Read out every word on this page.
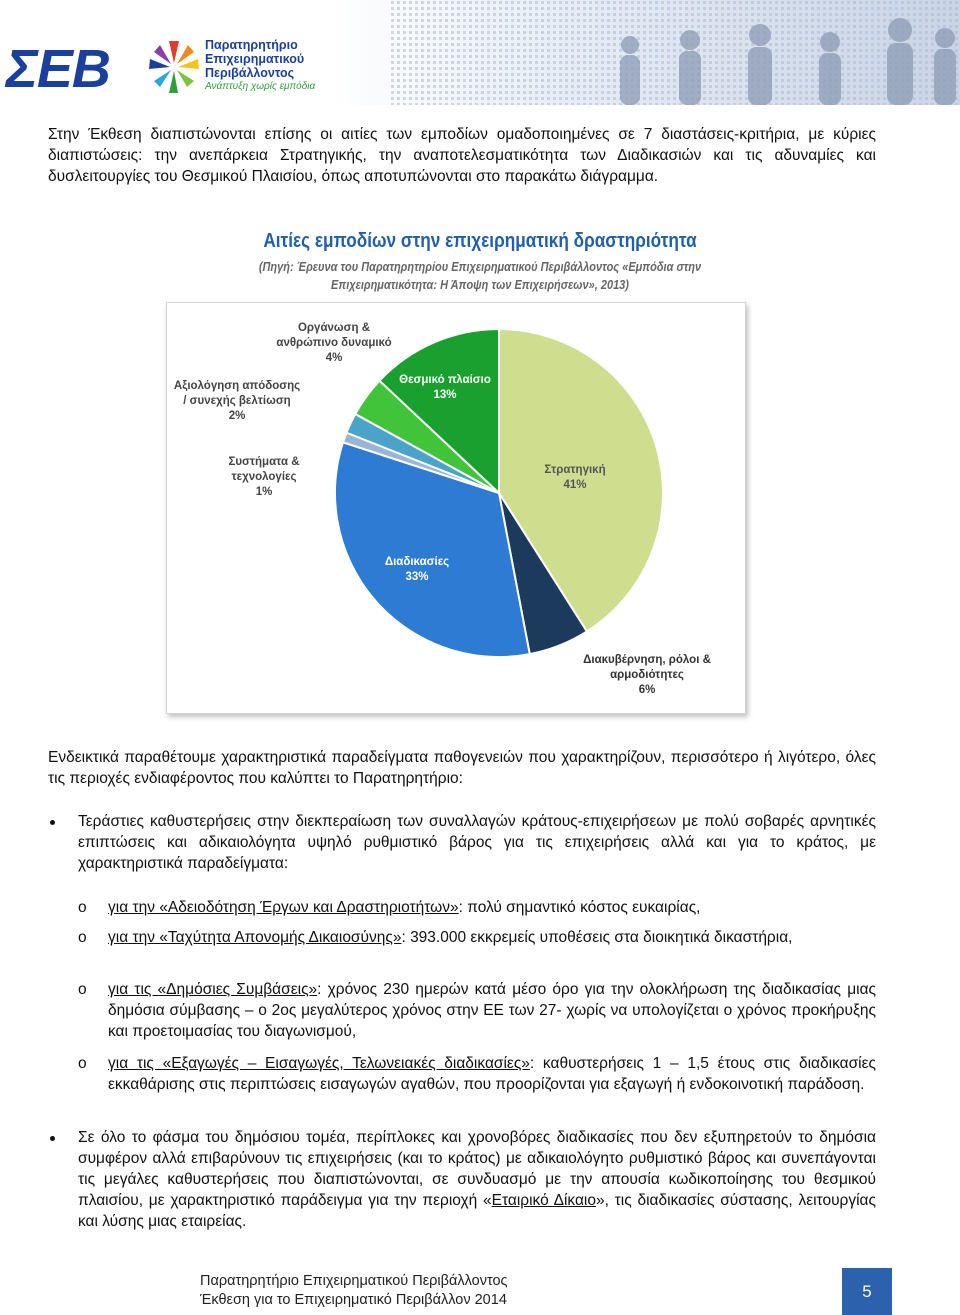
ΣΕΒ	Παρατηρητήριο
Επιχειρηματικού
Περιβάλλοντος
Ανάπτυξη χωρίς εμπόδια
Στην Έκθεση διαπιστώνονται επίσης οι αιτίες των εμποδίων ομαδοποιημένες σε 7 διαστάσεις-κριτήρια, με κύριες διαπιστώσεις: την ανεπάρκεια Στρατηγικής, την αναποτελεσματικότητα των Διαδικασιών και τις αδυναμίες και δυσλειτουργίες του Θεσμικού Πλαισίου, όπως αποτυπώνονται στο παρακάτω διάγραμμα.
Αιτίες εμποδίων στην επιχειρηματική δραστηριότητα
(Πηγή: Έρευνα του Παρατηρητηρίου Επιχειρηματικού Περιβάλλοντος «Εμπόδια στην
Επιχειρηματικότητα: Η Άποψη των Επιχειρήσεων», 2013)
Στρατηγική 41%
Διακυβέρνηση, ρόλοι & αρμοδιότητες 6%
Διαδικασίες 33%
Συστήματα & τεχνολογίες 1%
Αξιολόγηση απόδοσης / συνεχής βελτίωση 2%
Οργάνωση & ανθρώπινο δυναμικό 4%
Θεσμικό πλαίσιο 13%
Ενδεικτικά παραθέτουμε χαρακτηριστικά παραδείγματα παθογενειών που χαρακτηρίζουν, περισσότερο ή λιγότερο, όλες τις περιοχές ενδιαφέροντος που καλύπτει το Παρατηρητήριο:
Τεράστιες καθυστερήσεις στην διεκπεραίωση των συναλλαγών κράτους-επιχειρήσεων με πολύ σοβαρές αρνητικές επιπτώσεις και αδικαιολόγητα υψηλό ρυθμιστικό βάρος για τις επιχειρήσεις αλλά και για το κράτος, με χαρακτηριστικά παραδείγματα:
o για την «Αδειοδότηση Έργων και Δραστηριοτήτων»: πολύ σημαντικό κόστος ευκαιρίας,
o για την «Ταχύτητα Απονομής Δικαιοσύνης»: 393.000 εκκρεμείς υποθέσεις στα διοικητικά δικαστήρια,
o για τις «Δημόσιες Συμβάσεις»: χρόνος 230 ημερών κατά μέσο όρο για την ολοκλήρωση της διαδικασίας μιας δημόσια σύμβασης – ο 2ος μεγαλύτερος χρόνος στην ΕΕ των 27- χωρίς να υπολογίζεται ο χρόνος προκήρυξης και προετοιμασίας του διαγωνισμού,
o για τις «Εξαγωγές – Εισαγωγές, Τελωνειακές διαδικασίες»: καθυστερήσεις 1 – 1,5 έτους στις διαδικασίες εκκαθάρισης στις περιπτώσεις εισαγωγών αγαθών, που προορίζονται για εξαγωγή ή ενδοκοινοτική παράδοση.
Σε όλο το φάσμα του δημόσιου τομέα, περίπλοκες και χρονοβόρες διαδικασίες που δεν εξυπηρετούν το δημόσια συμφέρον αλλά επιβαρύνουν τις επιχειρήσεις (και το κράτος) με αδικαιολόγητο ρυθμιστικό βάρος και συνεπάγονται τις μεγάλες καθυστερήσεις που διαπιστώνονται, σε συνδυασμό με την απουσία κωδικοποίησης του θεσμικού πλαισίου, με χαρακτηριστικό παράδειγμα για την περιοχή «Εταιρικό Δίκαιο», τις διαδικασίες σύστασης, λειτουργίας και λύσης μιας εταιρείας.
Παρατηρητήριο Επιχειρηματικού Περιβάλλοντος
Έκθεση για το Επιχειρηματικό Περιβάλλον 2014	5
